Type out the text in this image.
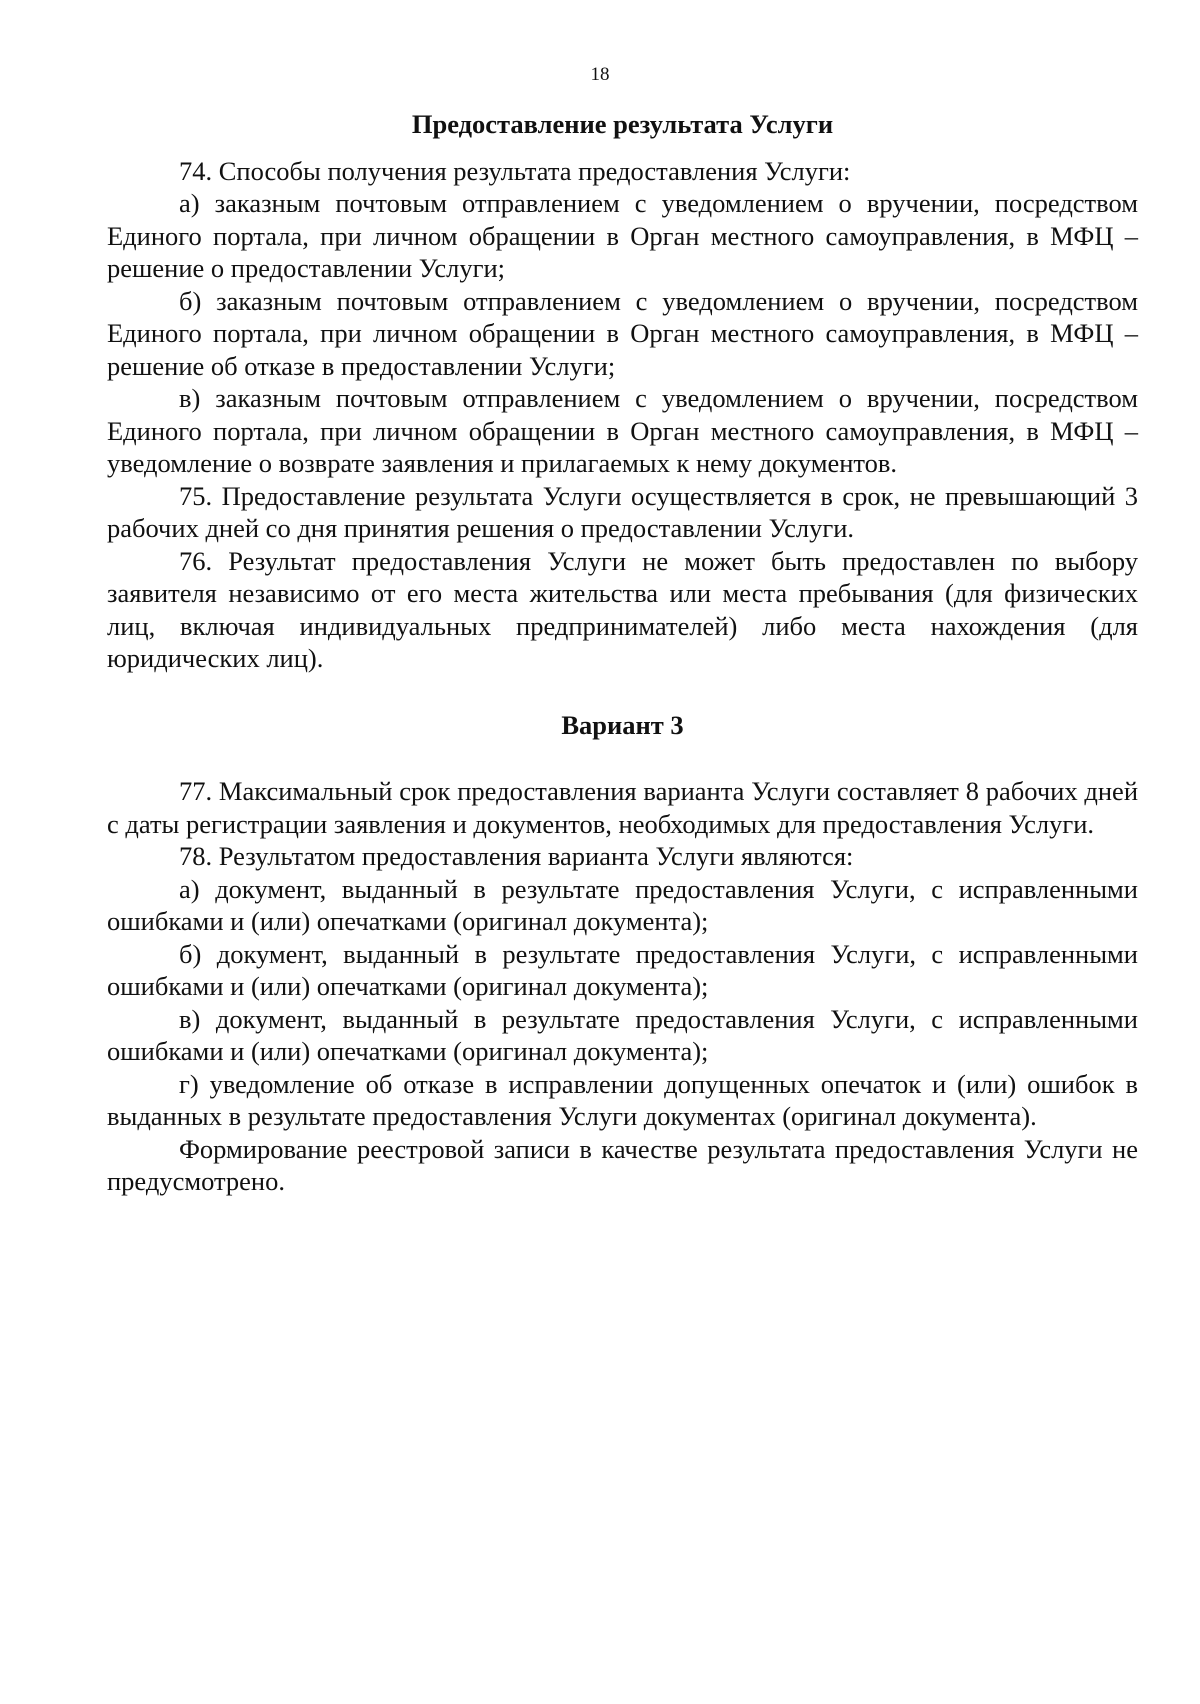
18
Предоставление результата Услуги

74. Способы получения результата предоставления Услуги:

а) заказным почтовым отправлением с уведомлением о вручении, посредством Единого портала, при личном обращении в Орган местного самоуправления, в МФЦ – решение о предоставлении Услуги;

б) заказным почтовым отправлением с уведомлением о вручении, посредством Единого портала, при личном обращении в Орган местного самоуправления, в МФЦ – решение об отказе в предоставлении Услуги;

в) заказным почтовым отправлением с уведомлением о вручении, посредством Единого портала, при личном обращении в Орган местного самоуправления, в МФЦ – уведомление о возврате заявления и прилагаемых к нему документов.

75. Предоставление результата Услуги осуществляется в срок, не превышающий 3 рабочих дней со дня принятия решения о предоставлении Услуги.

76. Результат предоставления Услуги не может быть предоставлен по выбору заявителя независимо от его места жительства или места пребывания (для физических лиц, включая индивидуальных предпринимателей) либо места нахождения (для юридических лиц).

Вариант 3

77. Максимальный срок предоставления варианта Услуги составляет 8 рабочих дней с даты регистрации заявления и документов, необходимых для предоставления Услуги.

78. Результатом предоставления варианта Услуги являются:

а) документ, выданный в результате предоставления Услуги, с исправленными ошибками и (или) опечатками (оригинал документа);

б) документ, выданный в результате предоставления Услуги, с исправленными ошибками и (или) опечатками (оригинал документа);

в) документ, выданный в результате предоставления Услуги, с исправленными ошибками и (или) опечатками (оригинал документа);

г) уведомление об отказе в исправлении допущенных опечаток и (или) ошибок в выданных в результате предоставления Услуги документах (оригинал документа).

Формирование реестровой записи в качестве результата предоставления Услуги не предусмотрено.
